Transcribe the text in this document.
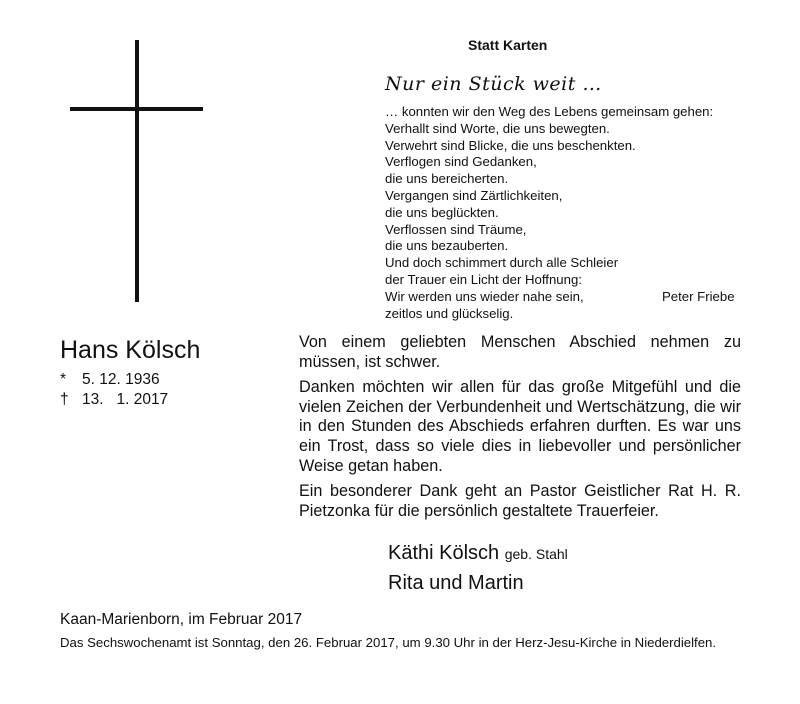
Statt Karten
Nur ein Stück weit …
… konnten wir den Weg des Lebens gemeinsam gehen:
Verhallt sind Worte, die uns bewegten.
Verwehrt sind Blicke, die uns beschenkten.
Verflogen sind Gedanken,
die uns bereicherten.
Vergangen sind Zärtlichkeiten,
die uns beglückten.
Verflossen sind Träume,
die uns bezauberten.
Und doch schimmert durch alle Schleier
der Trauer ein Licht der Hoffnung:
Wir werden uns wieder nahe sein,
zeitlos und glückselig.
Peter Friebe
Hans Kölsch
* 5. 12. 1936
† 13.   1. 2017

Von einem geliebten Menschen Abschied nehmen zu müssen, ist schwer.

Danken möchten wir allen für das große Mitgefühl und die vielen Zeichen der Verbundenheit und Wertschätzung, die wir in den Stunden des Abschieds erfahren durften. Es war uns ein Trost, dass so viele dies in liebevoller und persönlicher Weise getan haben.

Ein besonderer Dank geht an Pastor Geistlicher Rat H. R. Pietzonka für die persönlich gestaltete Trauerfeier.

Käthi Kölsch geb. Stahl
Rita und Martin
Kaan-Marienborn, im Februar 2017
Das Sechswochenamt ist Sonntag, den 26. Februar 2017, um 9.30 Uhr in der Herz-Jesu-Kirche in Niederdielfen.
